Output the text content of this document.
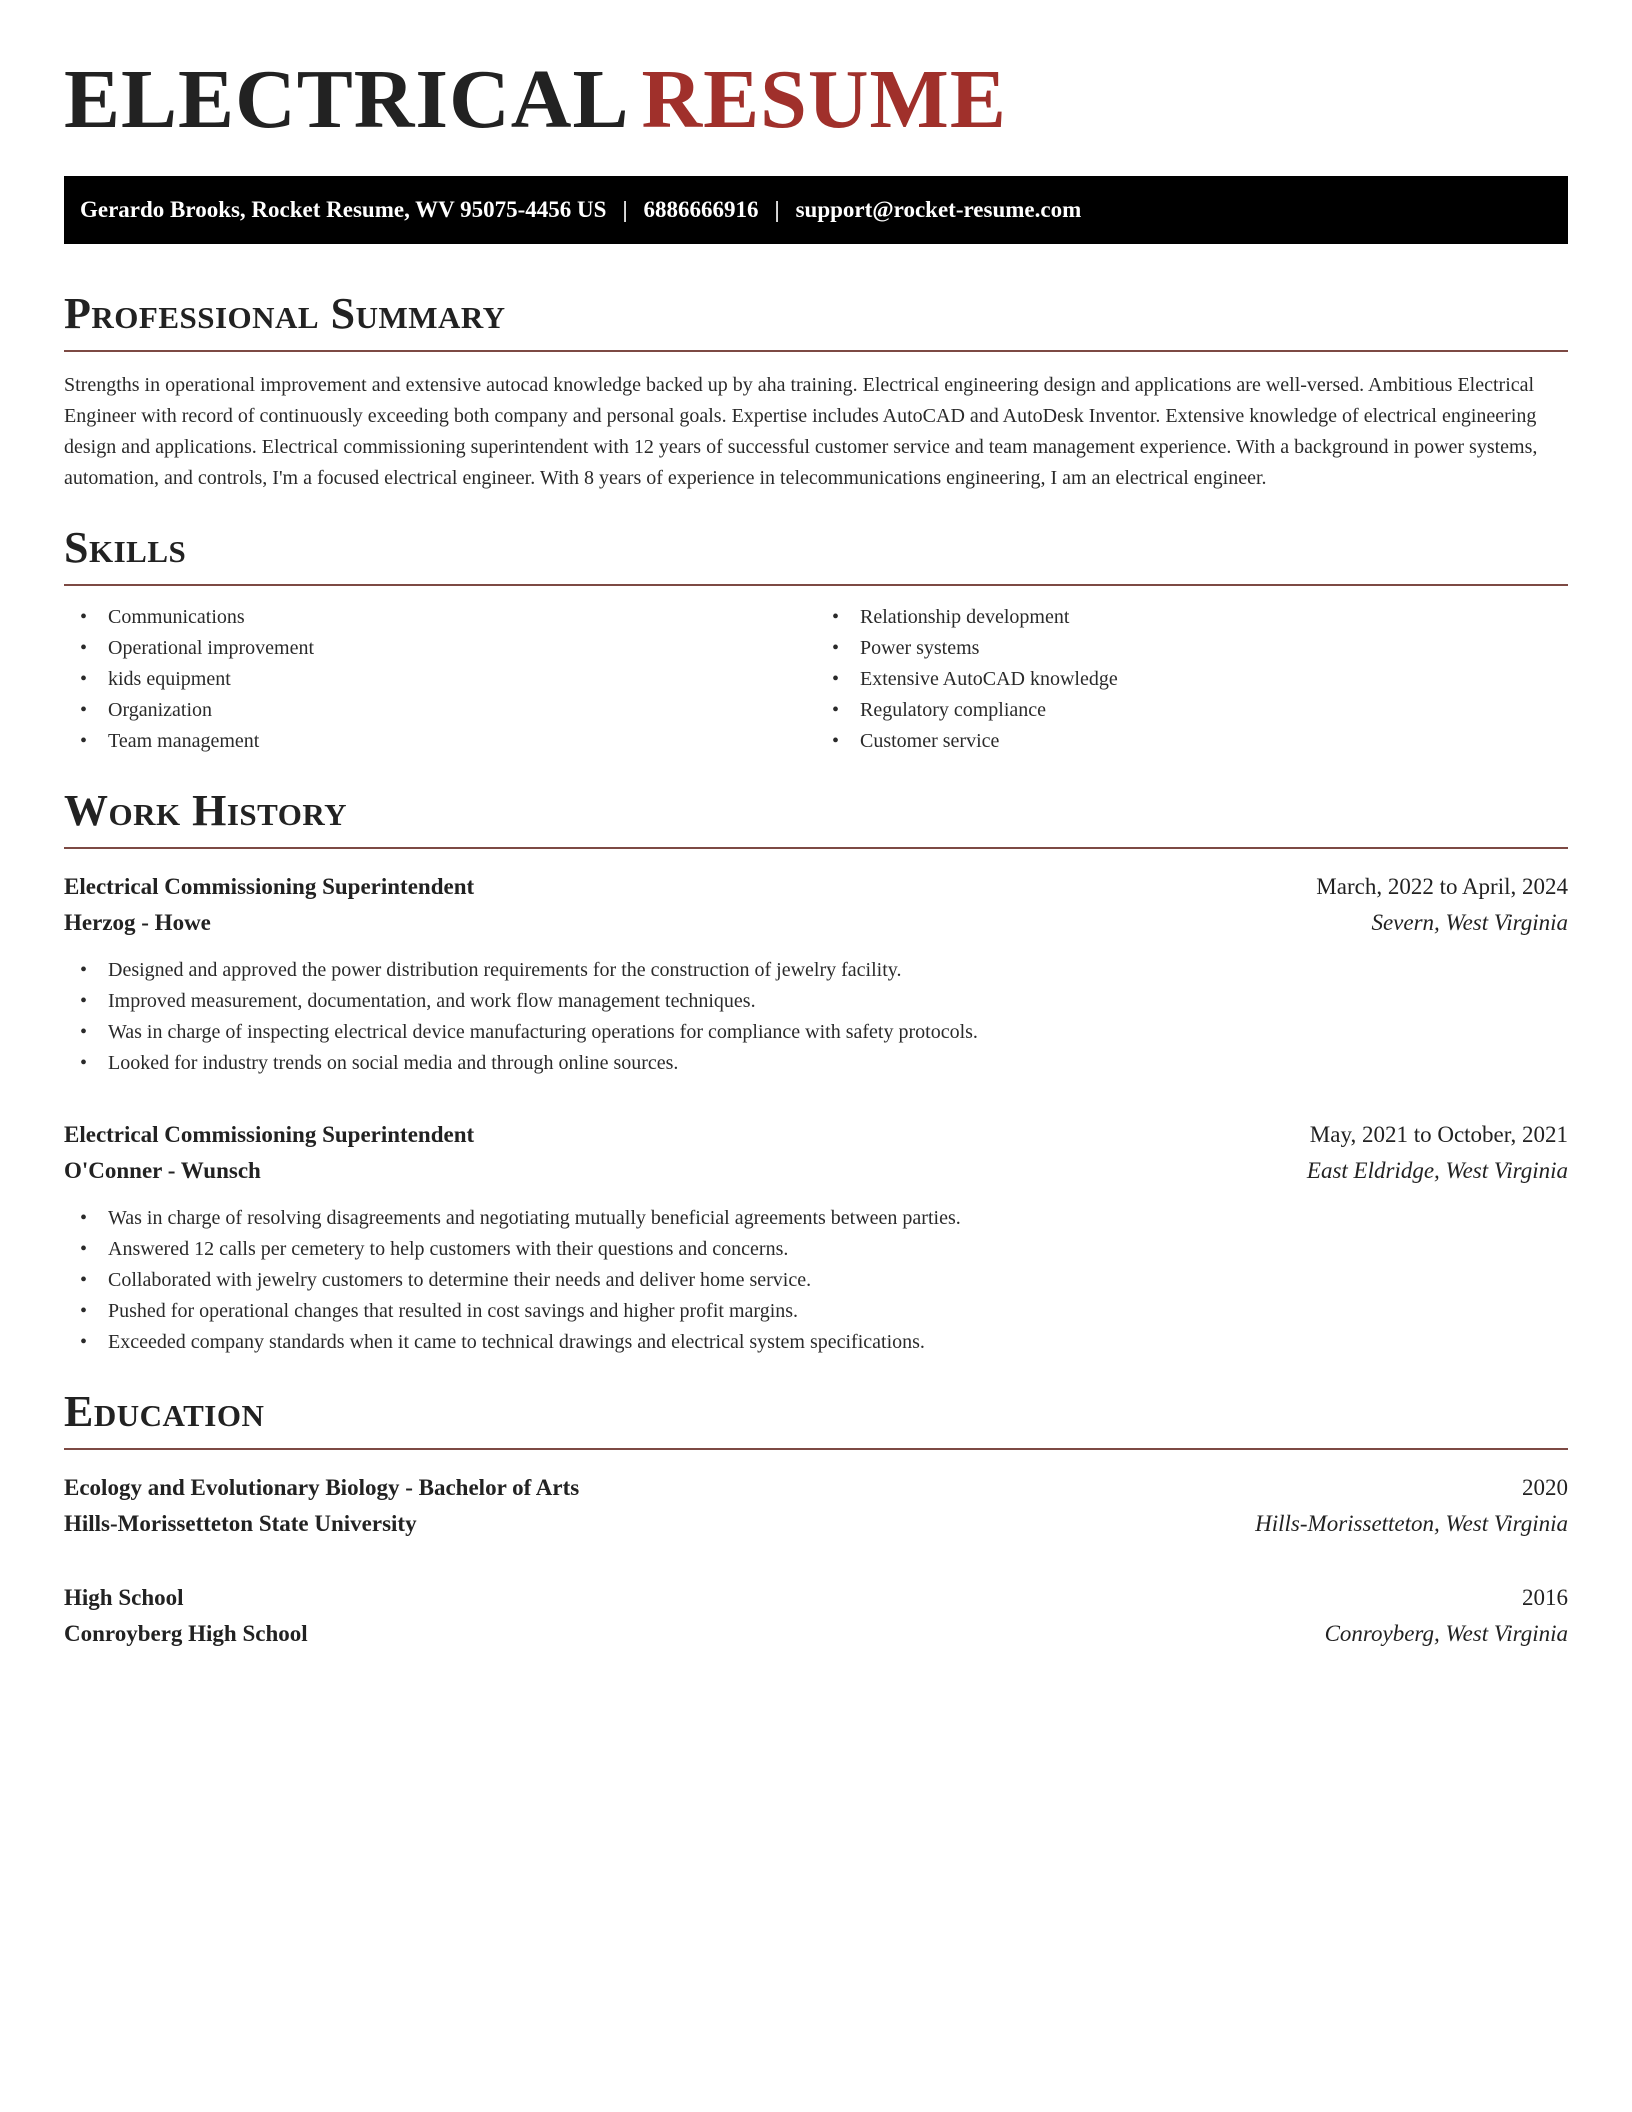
ELECTRICAL RESUME
Gerardo Brooks, Rocket Resume, WV 95075-4456 US | 6886666916 | support@rocket-resume.com
Professional Summary

Strengths in operational improvement and extensive autocad knowledge backed up by aha training. Electrical engineering design and applications are well-versed. Ambitious Electrical Engineer with record of continuously exceeding both company and personal goals. Expertise includes AutoCAD and AutoDesk Inventor. Extensive knowledge of electrical engineering design and applications. Electrical commissioning superintendent with 12 years of successful customer service and team management experience. With a background in power systems, automation, and controls, I'm a focused electrical engineer. With 8 years of experience in telecommunications engineering, I am an electrical engineer.

Skills
• Communications
• Operational improvement
• kids equipment
• Organization
• Team management
• Relationship development
• Power systems
• Extensive AutoCAD knowledge
• Regulatory compliance
• Customer service
Work History
Electrical Commissioning Superintendent	March, 2022 to April, 2024
Herzog - Howe	Severn, West Virginia
• Designed and approved the power distribution requirements for the construction of jewelry facility.
• Improved measurement, documentation, and work flow management techniques.
• Was in charge of inspecting electrical device manufacturing operations for compliance with safety protocols.
• Looked for industry trends on social media and through online sources.
Electrical Commissioning Superintendent	May, 2021 to October, 2021
O'Conner - Wunsch	East Eldridge, West Virginia
• Was in charge of resolving disagreements and negotiating mutually beneficial agreements between parties.
• Answered 12 calls per cemetery to help customers with their questions and concerns.
• Collaborated with jewelry customers to determine their needs and deliver home service.
• Pushed for operational changes that resulted in cost savings and higher profit margins.
• Exceeded company standards when it came to technical drawings and electrical system specifications.
Education
Ecology and Evolutionary Biology - Bachelor of Arts	2020
Hills-Morissetteton State University	Hills-Morissetteton, West Virginia
High School	2016
Conroyberg High School	Conroyberg, West Virginia
